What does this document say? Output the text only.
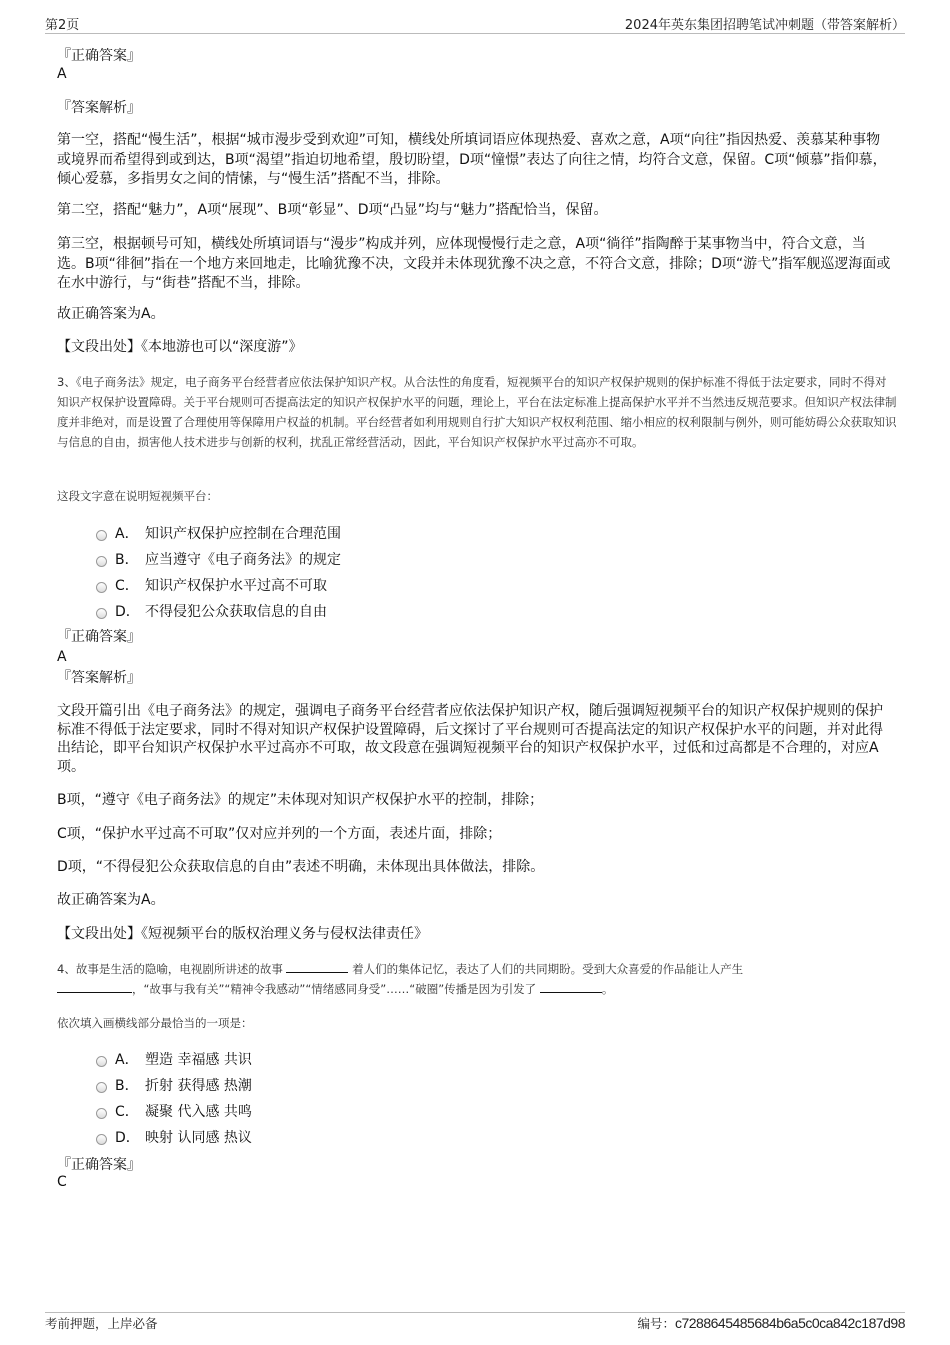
第2页	2024年英东集团招聘笔试冲刺题（带答案解析）
『正确答案』
A
『答案解析』
第一空，搭配“慢生活”，根据“城市漫步受到欢迎”可知，横线处所填词语应体现热爱、喜欢之意，A项“向往”指因热爱、羡慕某种事物或境界而希望得到或到达，B项“渴望”指迫切地希望，殷切盼望，D项“憧憬”表达了向往之情，均符合文意，保留。C项“倾慕”指仰慕，倾心爱慕，多指男女之间的情愫，与“慢生活”搭配不当，排除。
第二空，搭配“魅力”，A项“展现”、B项“彰显”、D项“凸显”均与“魅力”搭配恰当，保留。
第三空，根据顿号可知，横线处所填词语与“漫步”构成并列，应体现慢慢行走之意，A项“徜徉”指陶醉于某事物当中，符合文意，当选。B项“徘徊”指在一个地方来回地走，比喻犹豫不决，文段并未体现犹豫不决之意，不符合文意，排除；D项“游弋”指军舰巡逻海面或在水中游行，与“街巷”搭配不当，排除。
故正确答案为A。
【文段出处】《本地游也可以“深度游”》
3、《电子商务法》规定，电子商务平台经营者应依法保护知识产权。从合法性的角度看，短视频平台的知识产权保护规则的保护标准不得低于法定要求，同时不得对知识产权保护设置障碍。关于平台规则可否提高法定的知识产权保护水平的问题，理论上，平台在法定标准上提高保护水平并不当然违反规范要求。但知识产权法律制度并非绝对，而是设置了合理使用等保障用户权益的机制。平台经营者如利用规则自行扩大知识产权权利范围、缩小相应的权利限制与例外，则可能妨碍公众获取知识与信息的自由，损害他人技术进步与创新的权利，扰乱正常经营活动，因此，平台知识产权保护水平过高亦不可取。
这段文字意在说明短视频平台：
A． 知识产权保护应控制在合理范围
B． 应当遵守《电子商务法》的规定
C． 知识产权保护水平过高不可取
D． 不得侵犯公众获取信息的自由
『正确答案』
A
『答案解析』
文段开篇引出《电子商务法》的规定，强调电子商务平台经营者应依法保护知识产权，随后强调短视频平台的知识产权保护规则的保护标准不得低于法定要求，同时不得对知识产权保护设置障碍，后文探讨了平台规则可否提高法定的知识产权保护水平的问题，并对此得出结论，即平台知识产权保护水平过高亦不可取，故文段意在强调短视频平台的知识产权保护水平，过低和过高都是不合理的，对应A项。
B项，“遵守《电子商务法》的规定”未体现对知识产权保护水平的控制，排除；
C项，“保护水平过高不可取”仅对应并列的一个方面，表述片面，排除；
D项，“不得侵犯公众获取信息的自由”表述不明确，未体现出具体做法，排除。
故正确答案为A。
【文段出处】《短视频平台的版权治理义务与侵权法律责任》
4、故事是生活的隐喻，电视剧所讲述的故事	着人们的集体记忆，表达了人们的共同期盼。受到大众喜爱的作品能让人产生
，“故事与我有关”“精神令我感动”“情绪感同身受”……“破圈”传播是因为引发了	。
依次填入画横线部分最恰当的一项是：
A． 塑造 幸福感 共识
B． 折射 获得感 热潮
C． 凝聚 代入感 共鸣
D． 映射 认同感 热议
『正确答案』
C
考前押题，上岸必备	编号：c7288645485684b6a5c0ca842c187d98
